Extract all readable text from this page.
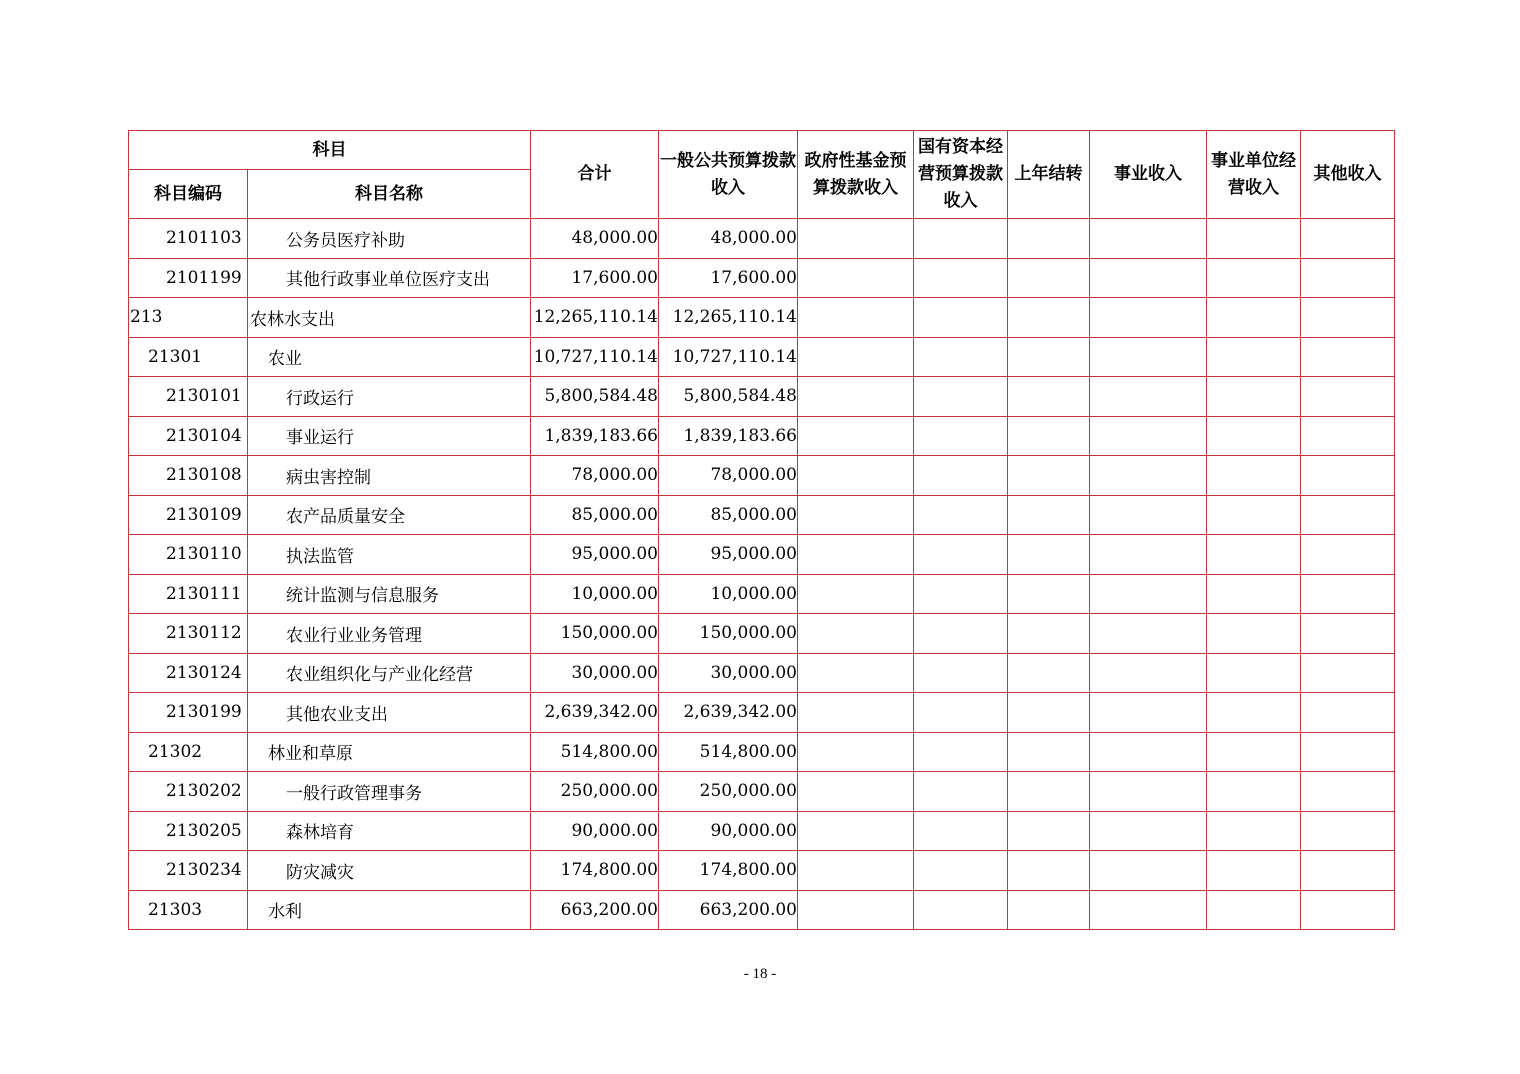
科目		合计	一般公共预算拨款收入	政府性基金预算拨款收入	国有资本经营预算拨款收入	上年结转	事业收入	事业单位经营收入	其他收入
科目编码	科目名称								
2101103	公务员医疗补助	48,000.00	48,000.00						
2101199	其他行政事业单位医疗支出	17,600.00	17,600.00						
213	农林水支出	12,265,110.14	12,265,110.14						
21301	农业	10,727,110.14	10,727,110.14						
2130101	行政运行	5,800,584.48	5,800,584.48						
2130104	事业运行	1,839,183.66	1,839,183.66						
2130108	病虫害控制	78,000.00	78,000.00						
2130109	农产品质量安全	85,000.00	85,000.00						
2130110	执法监管	95,000.00	95,000.00						
2130111	统计监测与信息服务	10,000.00	10,000.00						
2130112	农业行业业务管理	150,000.00	150,000.00						
2130124	农业组织化与产业化经营	30,000.00	30,000.00						
2130199	其他农业支出	2,639,342.00	2,639,342.00						
21302	林业和草原	514,800.00	514,800.00						
2130202	一般行政管理事务	250,000.00	250,000.00						
2130205	森林培育	90,000.00	90,000.00						
2130234	防灾减灾	174,800.00	174,800.00						
21303	水利	663,200.00	663,200.00						
- 18 -
